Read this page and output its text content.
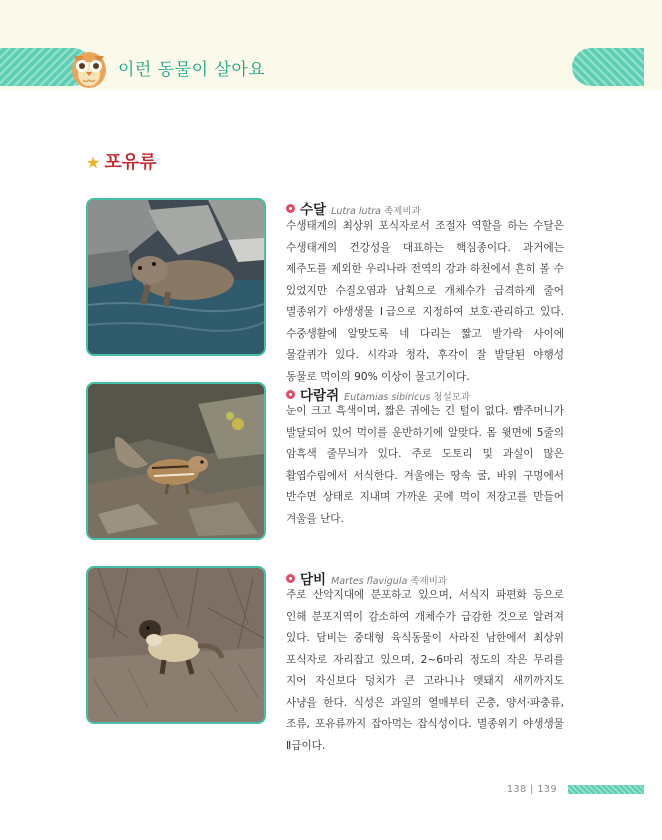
이런 동물이 살아요
★ 포유류
수달 Lutra lutra 족제비과
수생태계의 최상위 포식자로서 조절자 역할을 하는 수달은 수생태계의 건강성을 대표하는 핵심종이다. 과거에는 제주도를 제외한 우리나라 전역의 강과 하천에서 흔히 볼 수 있었지만 수질오염과 남획으로 개체수가 급격하게 줄어 멸종위기 야생생물 Ⅰ급으로 지정하여 보호·관리하고 있다. 수중생활에 알맞도록 네 다리는 짧고 발가락 사이에 물갈퀴가 있다. 시각과 청각, 후각이 잘 발달된 야행성 동물로 먹이의 90% 이상이 물고기이다.
다람쥐 Eutamias sibiricus 청설모과
눈이 크고 흑색이며, 짧은 귀에는 긴 털이 없다. 뺨주머니가 발달되어 있어 먹이를 운반하기에 알맞다. 몸 윗면에 5줄의 암흑색 줄무늬가 있다. 주로 도토리 및 과실이 많은 활엽수림에서 서식한다. 겨울에는 땅속 굴, 바위 구멍에서 반수면 상태로 지내며 가까운 곳에 먹이 저장고를 만들어 겨울을 난다.
담비 Martes flavigula 족제비과
주로 산악지대에 분포하고 있으며, 서식지 파편화 등으로 인해 분포지역이 감소하여 개체수가 급감한 것으로 알려져 있다. 담비는 중대형 육식동물이 사라진 남한에서 최상위 포식자로 자리잡고 있으며, 2~6마리 정도의 작은 무리를 지어 자신보다 덩치가 큰 고라니나 멧돼지 새끼까지도 사냥을 한다. 식성은 과일의 열매부터 곤충, 양서·파충류, 조류, 포유류까지 잡아먹는 잡식성이다. 멸종위기 야생생물 Ⅱ급이다.
138 | 139
